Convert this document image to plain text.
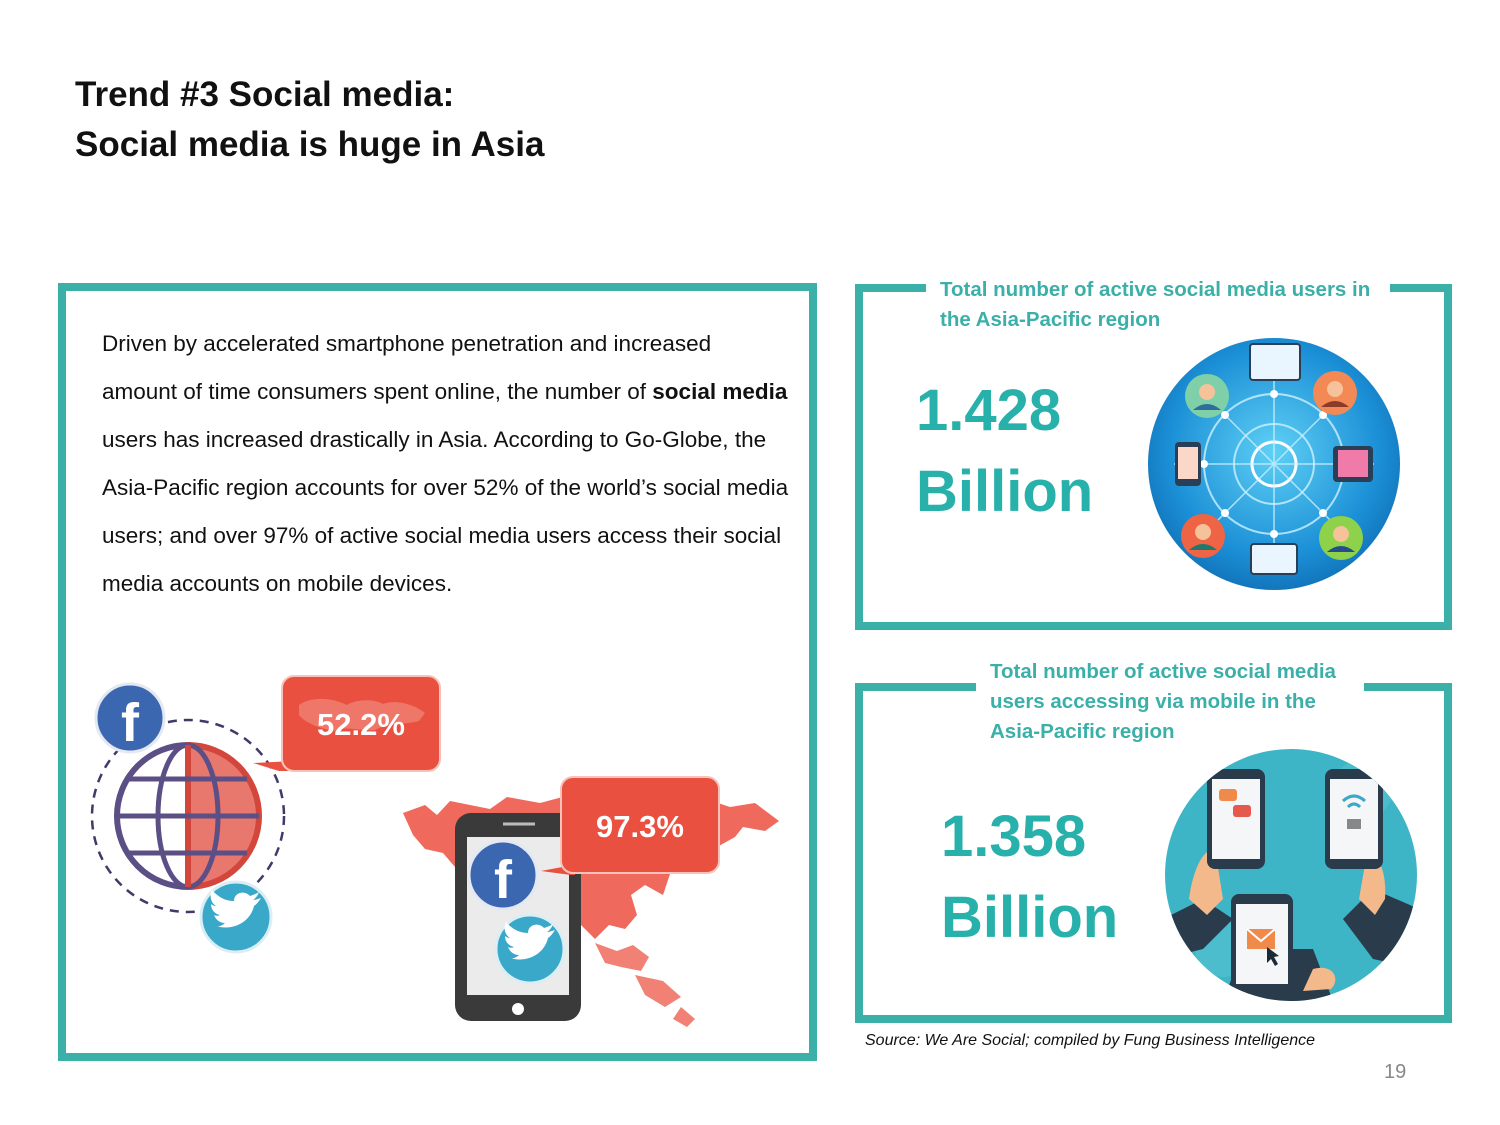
Trend #3 Social media:
Social media is huge in Asia
Driven by accelerated smartphone penetration and increased amount of time consumers spent online, the number of social media users has increased drastically in Asia. According to Go-Globe, the Asia-Pacific region accounts for over 52% of the world’s social media users; and over 97% of active social media users access their social media accounts on mobile devices.
f	52.2%
f
97.3%
Total number of active social media users in the Asia-Pacific region
1.428
Billion
Total number of active social media users accessing via mobile in the Asia-Pacific region
1.358
Billion
Source: We Are Social; compiled by Fung Business Intelligence
19
